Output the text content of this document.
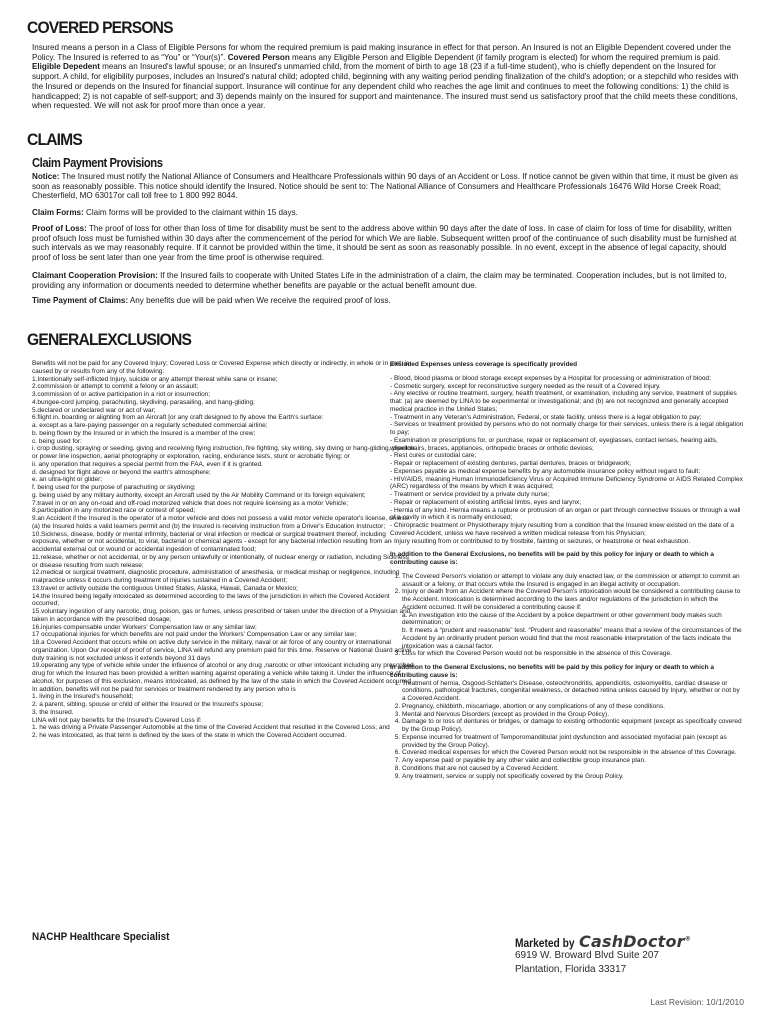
COVERED PERSONS

Insured means a person in a Class of Eligible Persons for whom the required premium is paid making insurance in effect for that person. An Insured is not an Eligible Dependent covered under the Policy. The Insured is referred to as “You” or “Your(s)”. Covered Person means any Eligible Person and Eligible Dependent (if family program is elected) for whom the required premium is paid. Eligible Depedent means an Insured's lawful spouse; or an Insured's unmarried child, from the moment of birth to age 18 (23 if a full-time student), who is chiefly dependent on the Insured for support. A child, for eligibility purposes, includes an Insured's natural child; adopted child, beginning with any waiting period pending finalization of the child's adoption; or a stepchild who resides with the Insured or depends on the Insured for financial support. Insurance will continue for any dependent child who reaches the age limit and continues to meet the following conditions: 1) the child is handicapped; 2) is not capable of self-support; and 3) depends mainly on the insured for support and maintenance. The insured must send us satisfactory proof that the child meets these conditions, when requested. We will not ask for proof more than once a year.

CLAIMS
Claim Payment Provisions

Notice: The Insured must notify the National Alliance of Consumers and Healthcare Professionals within 90 days of an Accident or Loss. If notice cannot be given within that time, it must be given as soon as reasonably possible. This notice should identify the Insured. Notice should be sent to: The National Alliance of Consumers and Healthcare Professionals 16476 Wild Horse Creek Road; Chesterfield, MO 63017or call toll free to 1 800 992 8044.

Claim Forms: Claim forms will be provided to the claimant within 15 days.

Proof of Loss: The proof of loss for other than loss of time for disability must be sent to the address above within 90 days after the date of loss. In case of claim for loss of time for disability, written proof ofsuch loss must be furnished within 30 days after the commencement of the period for which We are liable. Subsequent written proof of the continuance of such disability must be furnished at such intervals as we may reasonably require. If it cannot be provided within the time, it should be sent as soon as reasonably possible. In no event, except in the absence of legal capacity, should proof of loss be sent later than one year from the time proof is otherwise required.

Claimant Cooperation Provision: If the Insured fails to cooperate with United States Life in the administration of a claim, the claim may be terminated. Cooperation includes, but is not limited to, providing any information or documents needed to determine whether benefits are payable or the actual benefit amount due.

Time Payment of Claims: Any benefits due will be paid when We receive the required proof of loss.

GENERALEXCLUSIONS

Benefits will not be paid for any Covered Injury; Covered Loss or Covered Expense which directly or indirectly, in whole or in part, is caused by or results from any of the following:

1.Intentionally self-inflicted Injury, suicide or any attempt thereat while sane or insane;

2.commission or attempt to commit a felony or an assault;

3.commission of or active participation in a riot or insurrection;

4.bungee-cord jumping, parachuting, skydiving, parasailing, and hang-gliding;

5.declared or undeclared war or act of war;

6.flight in, boarding or alighting from an Aircraft [or any craft designed to fly above the Earth's surface:

a. except as a fare-paying passenger on a regularly scheduled commercial airline;

b. being flown by the Insured or in which the Insured is a member of the crew;

c. being used for:

i. crop dusting, spraying or seeding, giving and receiving flying instruction, fire fighting, sky writing, sky diving or hang-gliding, pipeline or power line inspection, aerial photography or exploration, racing, endurance tests, stunt or acrobatic flying; or

ii. any operation that requires a special permit from the FAA, even if it is granted.

d. designed for flight above or beyond the earth's atmosphere;

e. an ultra-light or glider;

f. being used for the purpose of parachuting or skydiving;

g. being used by any military authority, except an Aircraft used by the Air Mobility Command or its foreign equivalent;

7.travel in or on any on-road and off-road motorized vehicle that does not require licensing as a motor Vehicle;

8.participation in any motorized race or contest of speed;

9.an Accident if the Insured is the operator of a motor vehicle and does not possess a valid motor vehicle operator's license, unless: (a) the Insured holds a valid learners permit and (b) the Insured is receiving instruction from a Driver's Education Instructor;

10.Sickness, disease, bodily or mental infirmity, bacterial or viral infection or medical or surgical treatment thereof, including exposure, whether or not accidental, to viral, bacterial or chemical agents - except for any bacterial infection resulting from an accidental external cut or wound or accidental ingestion of contaminated food;

11.release, whether or not accidental, or by any person unlawfully or intentionally, of nuclear energy or radiation, including Sickness or disease resulting from such release;

12.medical or surgical treatment, diagnostic procedure, administration of anesthesia, or medical mishap or negligence, including malpractice unless it occurs during treatment of injuries sustained in a Covered Accident;

13.travel or activity outside the contiguous United States, Alaska, Hawaii, Canada or Mexico;

14.the Insured being legally intoxicated as determined according to the laws of the jurisdiction in which the Covered Accident occurred;

15.voluntary ingestion of any narcotic, drug, poison, gas or fumes, unless prescribed or taken under the direction of a Physician and taken in accordance with the prescribed dosage;

16.injuries compensable under Workers' Compensation law or any similar law;

17 occupational injuries for which benefits are not paid under the Workers' Compensation Law or any similar law;

18.a Covered Accident that occurs while on active duty service in the military, naval or air force of any country or international organization. Upon Our receipt of proof of service, LINA will refund any premium paid for this time. Reserve or National Guard active duty training is not excluded unless it extends beyond 31 days

19.operating any type of vehicle while under the influence of alcohol or any drug ,narcotic or other intoxicant including any prescribed drug for which the Insured has been provided a written warning against operating a vehicle while taking it. Under the influence of alcohol, for purposes of this exclusion, means intoxicated, as defined by the law of the state in which the Covered Accident occurred

In addition, benefits will not be paid for services or treatment rendered by any person who is

1. living in the Insured's household;

2. a parent, sibling, spouse or child of either the Insured or the Insured's spouse;

3. the Insured.

LINA will not pay benefits for the Insured's Covered Loss if:

1. he was driving a Private Passenger Automobile at the time of the Covered Accident that resulted in the Covered Loss; and

2. he was intoxicated, as that term is defined by the laws of the state in which the Covered Accident occurred.

Excluded Expenses unless coverage is specifically provided

- Blood, blood plasma or blood storage except expenses by a Hospital for processing or administration of blood;

- Cosmetic surgery, except for reconstructive surgery needed as the result of a Covered Injury.

- Any elective or routine treatment, surgery, health treatment, or examination, including any service, treatment of supplies that: (a) are deemed by LINA to be experimental or investigational; and (b) are not recognized and generally accepted medical practice in the United States;

- Treatment in any Veteran's Administration, Federal, or state facility, unless there is a legal obligation to pay;

- Services or treatment provided by persons who do not normally charge for their services, unless there is a legal obligation to pay;

- Examination or prescriptions for, or purchase, repair or replacement of, eyeglasses, contact lenses, hearing aids, wheelchairs, braces, appliances, orthopedic braces or orthotic devices;

- Rest cures or custodial care;

- Repair or replacement of existing dentures, partial dentures, braces or bridgework;

- Expenses payable as medical expense benefits by any automobile insurance policy without regard to fault;

- HIV/AIDS, meaning Human Immunodeficiency Virus or Acquired Immune Deficiency Syndrome or AIDS Related Complex (ARC) regardless of the means by which it was acquired;

- Treatment or service provided by a private duty nurse;

- Repair or replacement of existing artificial limbs, eyes and larynx;

- Hernia of any kind. Hernia means a rupture or protrusion of an organ or part through connective tissues or through a wall of a cavity in which it is normally enclosed;

- Chiropractic treatment or Physiotherapy Injury resulting from a condition that the Insured knew existed on the date of a Covered Accident, unless we have received a written medical release from his Physician;

- Injury resulting from or contributed to by frostbite, fainting or seizures, or heatstroke or heat exhaustion.

In addition to the General Exclusions, no benefits will be paid by this policy for injury or death to which a contributing cause is:

1. The Covered Person's violation or attempt to violate any duly enacted law, or the commission or attempt to commit an assault or a felony, or that occurs while the Insured is engaged in an illegal activity or occupation.
2. Injury or death from an Accident where the Covered Person's intoxication would be considered a contributing cause to the Accident. Intoxication is determined according to the laws and/or regulations of the jurisdiction in which the Accident occurred. It will be considered a contributing cause if:

a. An investigation into the cause of the Accident by a police department or other government body makes such determination; or

b. It meets a “prudent and reasonable” test. “Prudent and reasonable” means that a review of the circumstances of the Accident by an ordinarily prudent person would find that the most reasonable interpretation of the facts indicate the intoxication was a causal factor.

3. Loss for which the Covered Person would not be responsible in the absence of this Coverage.

In addition to the General Exclusions, no benefits will be paid by this policy for injury or death to which a contributing cause is:

1. Treatment of hernia, Osgood-Schlatter's Disease, osteochrondritis, appendicitis, osteomyelitis, cardiac disease or conditions, pathological fractures, congenital weakness, or detached retina unless caused by Injury, whether or not by a Covered Accident.
2. Pregnancy, childbirth, miscarriage, abortion or any complications of any of these conditions.
3. Mental and Nervous Disorders (except as provided in the Group Policy).
4. Damage to or loss of dentures or bridges, or damage to existing orthodontic equipment (except as specifically covered by the Group Policy).
5. Expense incurred for treatment of Temporomandibular joint dysfunction and associated myofacial pain (except as provided by the Group Policy).
6. Covered medical expenses for which the Covered Person would not be responsible in the absence of this Coverage.
7. Any expense paid or payable by any other valid and collectible group insurance plan.
8. Conditions that are not caused by a Covered Accident.
9. Any treatment, service or supply not specifically covered by the Group Policy.

NACHP Healthcare Specialist	Marketed by CashDoctor®

6919 W. Broward Blvd Suite 207

Plantation, Florida 33317

Last Revision: 10/1/2010
